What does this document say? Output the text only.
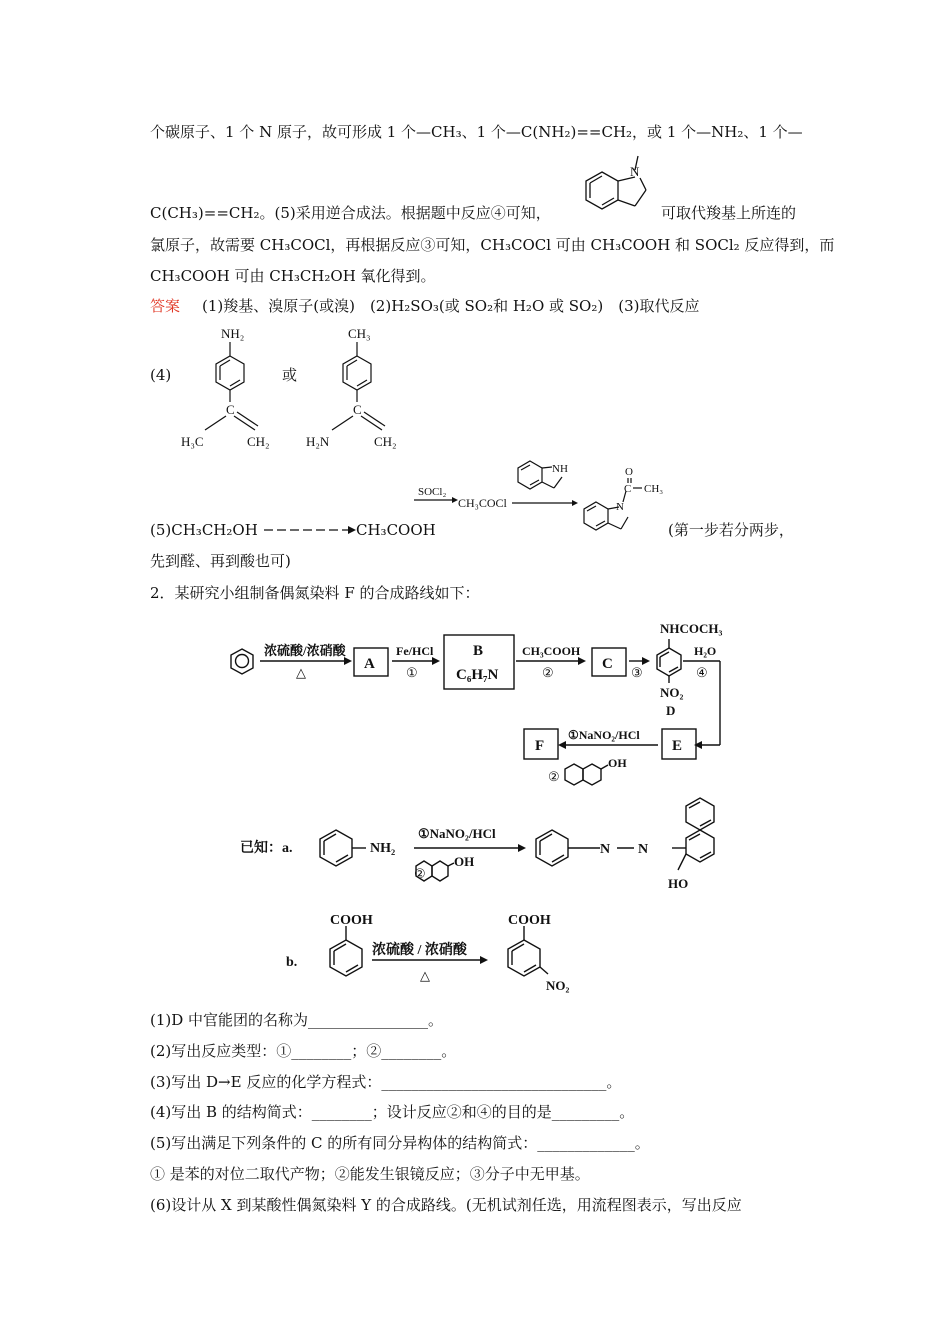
个碳原子、1 个 N 原子，故可形成 1 个—CH₃、1 个—C(NH₂)==CH₂，或 1 个—NH₂、1 个—
N
C(CH₃)==CH₂。(5)采用逆合成法。根据题中反应④可知，	可取代羧基上所连的
氯原子，故需要 CH₃COCl，再根据反应③可知，CH₃COCl 可由 CH₃COOH 和 SOCl₂ 反应得到，而
CH₃COOH 可由 CH₃CH₂OH 氧化得到。
答案 (1)羧基、溴原子(或溴)　(2)H₂SO₃(或 SO₂和 H₂O 或 SO₂)　(3)取代反应
(4)	或
NH₂
C
H₃C	CH₂
CH₃
C
H₂N	CH₂
(5)CH₃CH₂OH	CH₃COOH
SOCl₂
CH₃COCl
NH	O
C CH₃
N
(第一步若分两步，
先到醛、再到酸也可)
2．某研究小组制备偶氮染料 F 的合成路线如下：
浓硫酸/浓硝酸
△
A
Fe/HCl
①
B
C₆H₇N
CH₃COOH
②
C
③
NHCOCH₃
NO₂
D
H₂O
④
E
F
①NaNO₂/HCl
②
OH
已知：a.	NH₂
①NaNO₂/HCl
②
OH
N N
HO
b.
COOH
浓硫酸 / 浓硝酸
△
COOH
NO₂
(1)D 中官能团的名称为________________。
(2)写出反应类型：①________；②________。
(3)写出 D→E 反应的化学方程式：______________________________。
(4)写出 B 的结构简式：________；设计反应②和④的目的是_________。
(5)写出满足下列条件的 C 的所有同分异构体的结构简式：_____________。
① 是苯的对位二取代产物；②能发生银镜反应；③分子中无甲基。
(6)设计从 X 到某酸性偶氮染料 Y 的合成路线。(无机试剂任选，用流程图表示，写出反应
